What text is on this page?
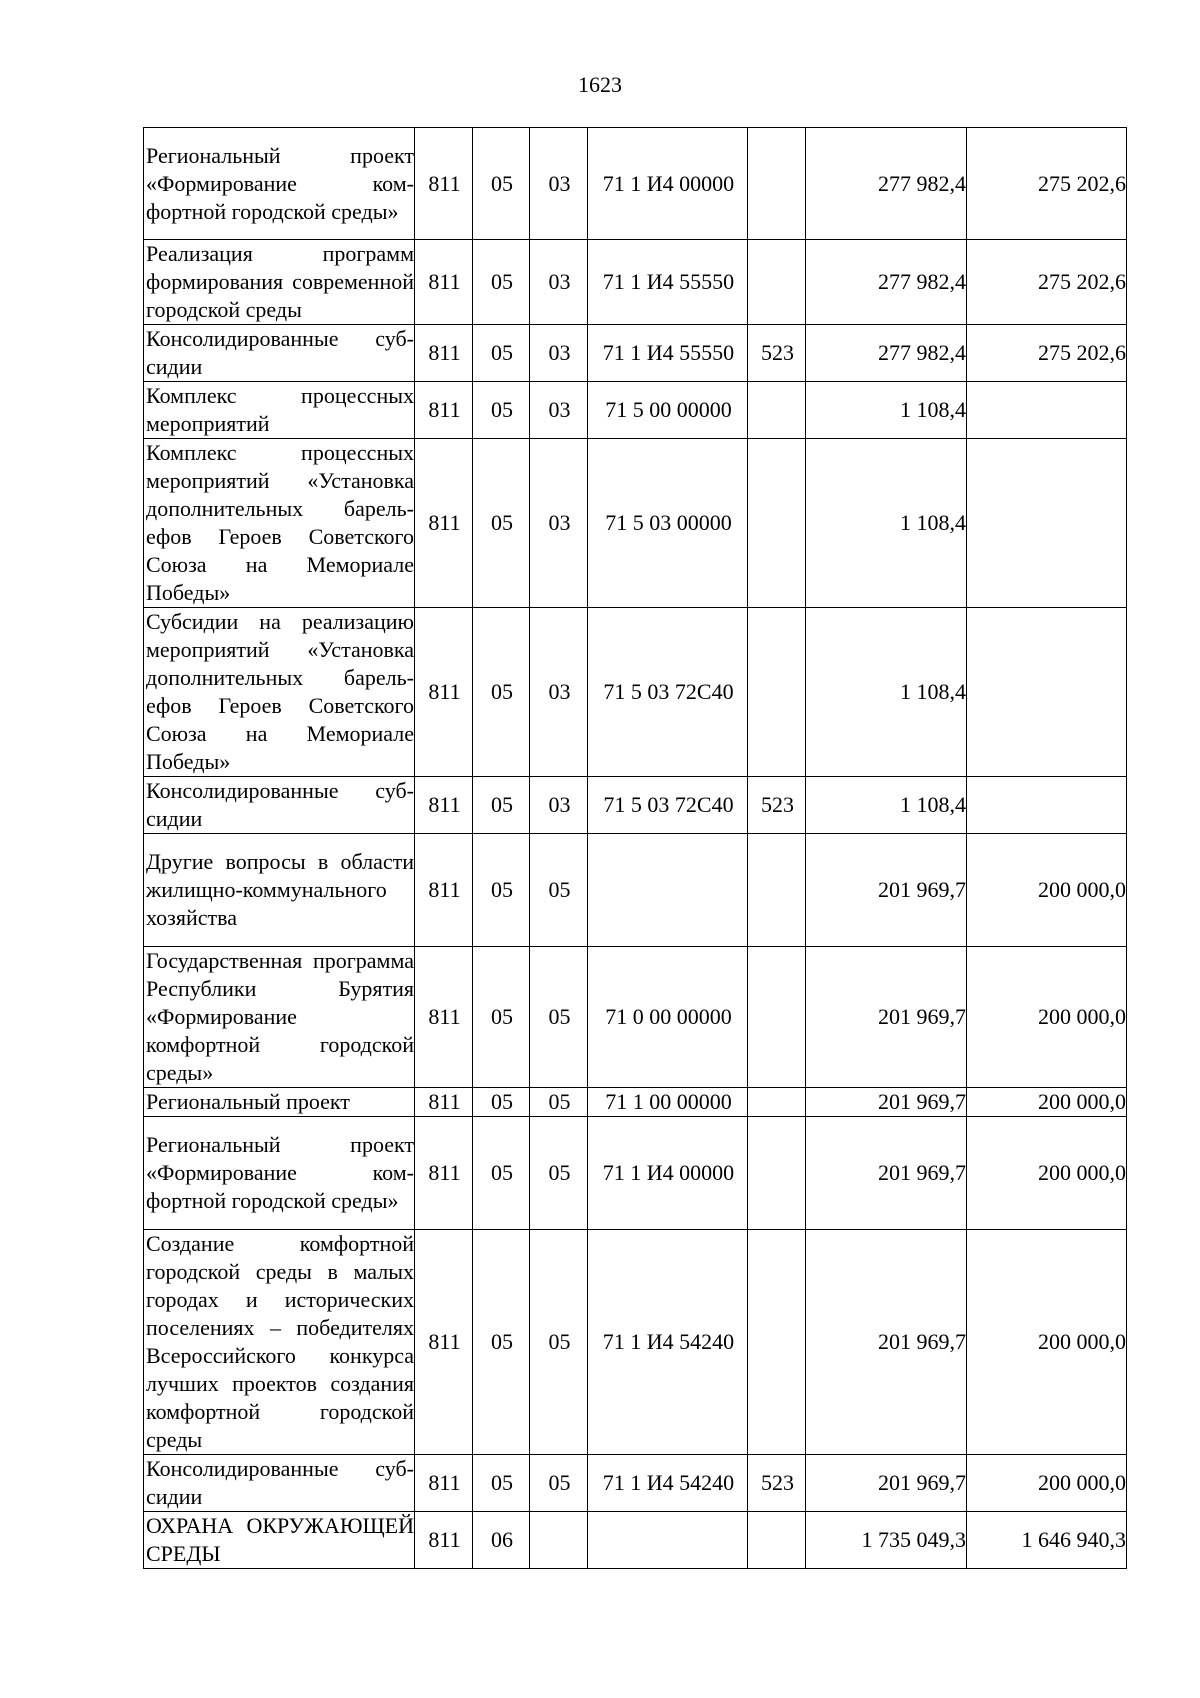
1623
Региональный проект «Формирование комфортной городской среды»	811	05	03	71 1 И4 00000		277 982,4	275 202,6
Реализация программ формирования современной городской среды	811	05	03	71 1 И4 55550		277 982,4	275 202,6
Консолидированные субсидии	811	05	03	71 1 И4 55550	523	277 982,4	275 202,6
Комплекс процессных мероприятий	811	05	03	71 5 00 00000		1 108,4	
Комплекс процессных мероприятий «Установка дополнительных барельефов Героев Советского Союза на Мемориале Победы»	811	05	03	71 5 03 00000		1 108,4	
Субсидии на реализацию мероприятий «Установка дополнительных барельефов Героев Советского Союза на Мемориале Победы»	811	05	03	71 5 03 72С40		1 108,4	
Консолидированные субсидии	811	05	03	71 5 03 72С40	523	1 108,4	
Другие вопросы в области жилищно-коммунального хозяйства	811	05	05			201 969,7	200 000,0
Государственная программа Республики Бурятия «Формирование комфортной городской среды»	811	05	05	71 0 00 00000		201 969,7	200 000,0
Региональный проект	811	05	05	71 1 00 00000		201 969,7	200 000,0
Региональный проект «Формирование комфортной городской среды»	811	05	05	71 1 И4 00000		201 969,7	200 000,0
Создание комфортной городской среды в малых городах и исторических поселениях – победителях Всероссийского конкурса лучших проектов создания комфортной городской среды	811	05	05	71 1 И4 54240		201 969,7	200 000,0
Консолидированные субсидии	811	05	05	71 1 И4 54240	523	201 969,7	200 000,0
ОХРАНА ОКРУЖАЮЩЕЙ СРЕДЫ	811	06				1 735 049,3	1 646 940,3
